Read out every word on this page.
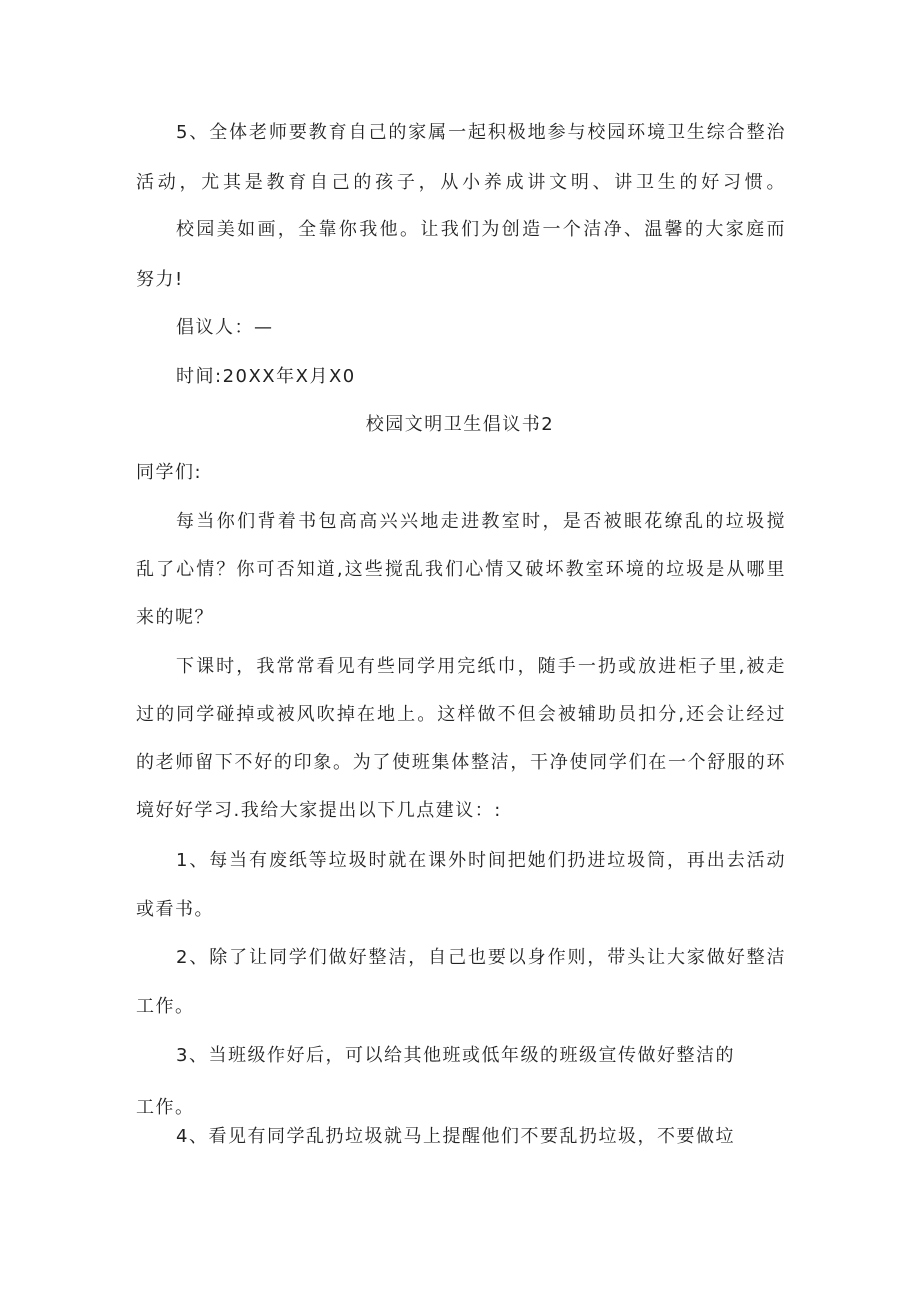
5、全体老师要教育自己的家属一起积极地参与校园环境卫生综合整治
活动，尤其是教育自己的孩子，从小养成讲文明、讲卫生的好习惯。
校园美如画，全靠你我他。让我们为创造一个洁净、温馨的大家庭而
努力!
倡议人：—
时间:20XX年X月X0
校园文明卫生倡议书2
同学们:
每当你们背着书包高高兴兴地走进教室时，是否被眼花缭乱的垃圾搅
乱了心情？你可否知道,这些搅乱我们心情又破坏教室环境的垃圾是从哪里
来的呢？
下课时，我常常看见有些同学用完纸巾，随手一扔或放进柜子里,被走
过的同学碰掉或被风吹掉在地上。这样做不但会被辅助员扣分,还会让经过
的老师留下不好的印象。为了使班集体整洁，干净使同学们在一个舒服的环
境好好学习.我给大家提出以下几点建议：:
1、每当有废纸等垃圾时就在课外时间把她们扔进垃圾筒，再出去活动
或看书。
2、除了让同学们做好整洁，自己也要以身作则，带头让大家做好整洁
工作。
3、当班级作好后，可以给其他班或低年级的班级宣传做好整洁的
工作。
4、看见有同学乱扔垃圾就马上提醒他们不要乱扔垃圾，不要做垃
